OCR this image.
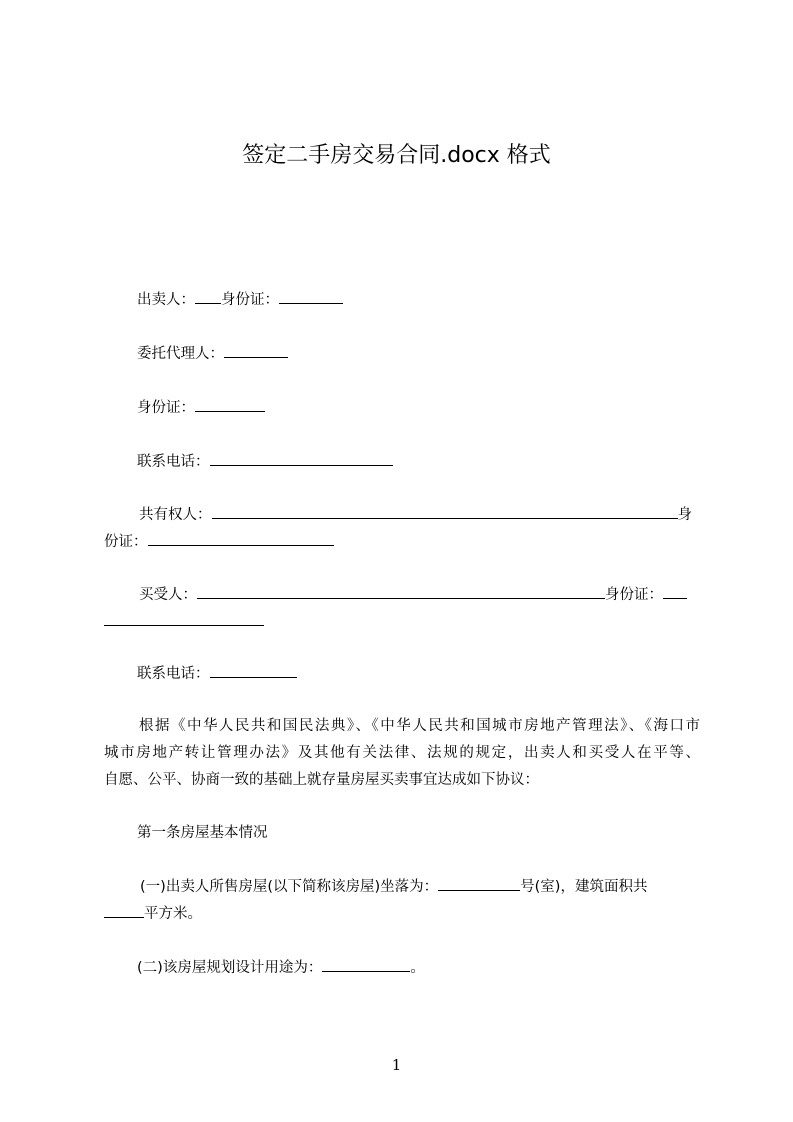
签定二手房交易合同.docx 格式
出卖人： 身份证：
委托代理人：
身份证：
联系电话：
共有权人：	身
份证：
买受人：	身份证：
联系电话：
根据《中华人民共和国民法典》、《中华人民共和国城市房地产管理法》、《海口市
城市房地产转让管理办法》及其他有关法律、法规的规定，出卖人和买受人在平等、
自愿、公平、协商一致的基础上就存量房屋买卖事宜达成如下协议：
第一条房屋基本情况
(一)出卖人所售房屋(以下简称该房屋)坐落为：	号(室)，建筑面积共
平方米。
(二)该房屋规划设计用途为：	。
1
